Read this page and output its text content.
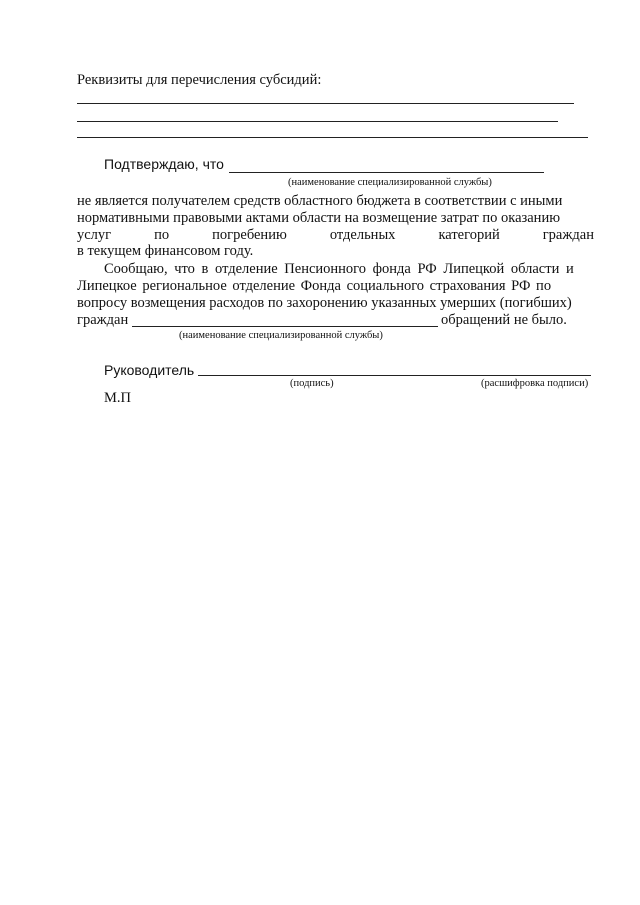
Реквизиты для перечисления субсидий:
Подтверждаю, что
(наименование специализированной службы)
не является получателем средств областного бюджета в соответствии с иными
нормативными правовыми актами области на возмещение затрат по оказанию
услуг	по	погребению	отдельных	категорий	граждан
в текущем финансовом году.
Сообщаю, что в отделение Пенсионного фонда РФ Липецкой области и
Липецкое региональное отделение Фонда социального страхования РФ по
вопросу возмещения расходов по захоронению указанных умерших (погибших)
граждан	обращений не было.
(наименование специализированной службы)
Руководитель
(подпись)	(расшифровка подписи)
М.П
